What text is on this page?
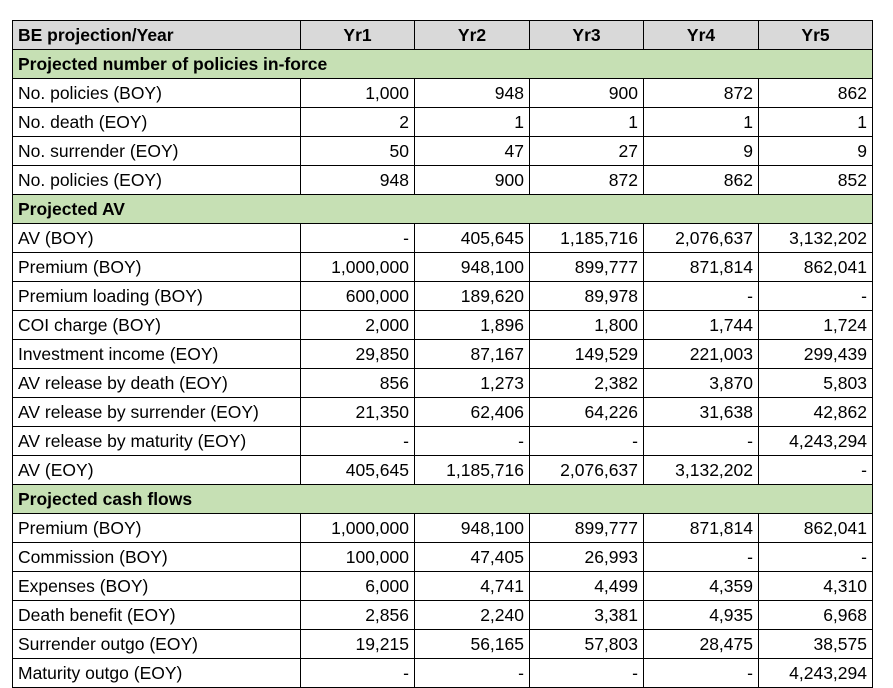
BE projection/Year	Yr1	Yr2	Yr3	Yr4	Yr5
Projected number of policies in-force					
No. policies (BOY)	1,000	948	900	872	862
No. death (EOY)	2	1	1	1	1
No. surrender (EOY)	50	47	27	9	9
No. policies (EOY)	948	900	872	862	852
Projected AV					
AV (BOY)	-	405,645	1,185,716	2,076,637	3,132,202
Premium (BOY)	1,000,000	948,100	899,777	871,814	862,041
Premium loading (BOY)	600,000	189,620	89,978	-	-
COI charge (BOY)	2,000	1,896	1,800	1,744	1,724
Investment income (EOY)	29,850	87,167	149,529	221,003	299,439
AV release by death (EOY)	856	1,273	2,382	3,870	5,803
AV release by surrender (EOY)	21,350	62,406	64,226	31,638	42,862
AV release by maturity (EOY)	-	-	-	-	4,243,294
AV (EOY)	405,645	1,185,716	2,076,637	3,132,202	-
Projected cash flows					
Premium (BOY)	1,000,000	948,100	899,777	871,814	862,041
Commission (BOY)	100,000	47,405	26,993	-	-
Expenses (BOY)	6,000	4,741	4,499	4,359	4,310
Death benefit (EOY)	2,856	2,240	3,381	4,935	6,968
Surrender outgo (EOY)	19,215	56,165	57,803	28,475	38,575
Maturity outgo (EOY)	-	-	-	-	4,243,294
